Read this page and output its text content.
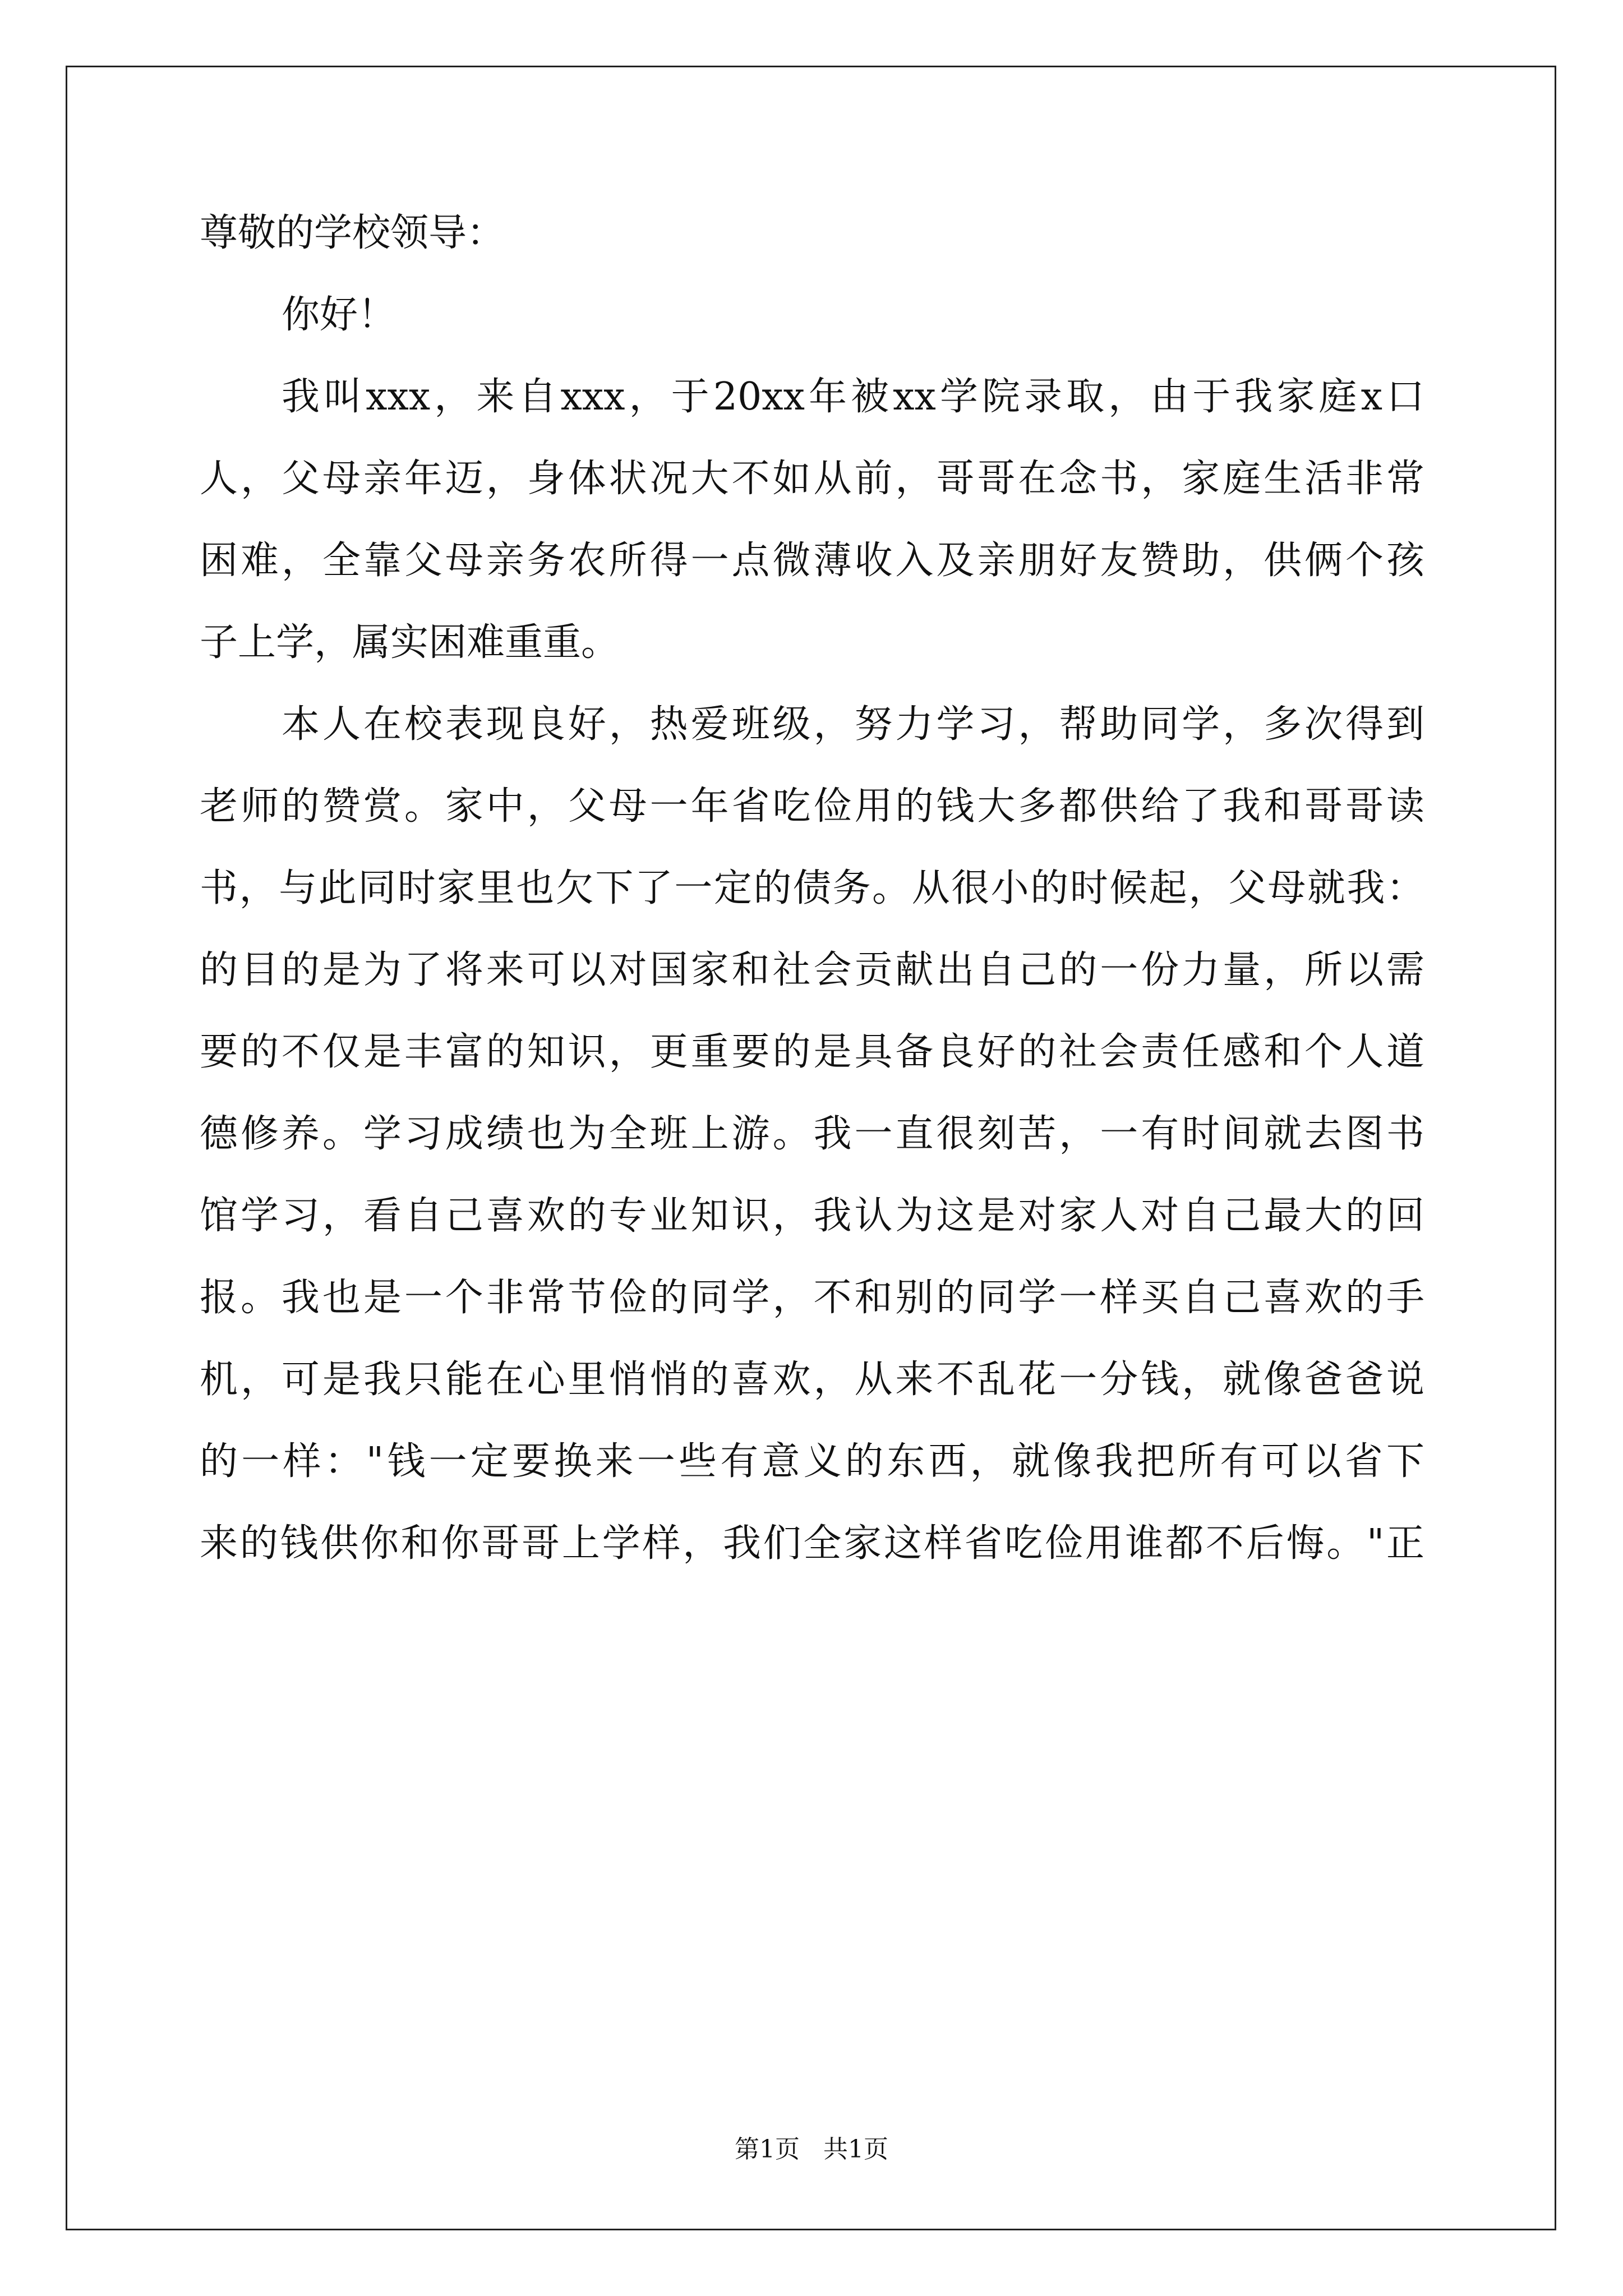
尊敬的学校领导：
你好！
我叫xxx，来自xxx，于20xx年被xx学院录取，由于我家庭x口
人，父母亲年迈，身体状况大不如从前，哥哥在念书，家庭生活非常
困难，全靠父母亲务农所得一点微薄收入及亲朋好友赞助，供俩个孩
子上学，属实困难重重。
本人在校表现良好，热爱班级，努力学习，帮助同学，多次得到
老师的赞赏。家中，父母一年省吃俭用的钱大多都供给了我和哥哥读
书，与此同时家里也欠下了一定的债务。从很小的时候起，父母就我：
的目的是为了将来可以对国家和社会贡献出自己的一份力量，所以需
要的不仅是丰富的知识，更重要的是具备良好的社会责任感和个人道
德修养。学习成绩也为全班上游。我一直很刻苦，一有时间就去图书
馆学习，看自己喜欢的专业知识，我认为这是对家人对自己最大的回
报。我也是一个非常节俭的同学，不和别的同学一样买自己喜欢的手
机，可是我只能在心里悄悄的喜欢，从来不乱花一分钱，就像爸爸说
的一样："钱一定要换来一些有意义的东西，就像我把所有可以省下
来的钱供你和你哥哥上学样，我们全家这样省吃俭用谁都不后悔。"正
第1页 共1页
